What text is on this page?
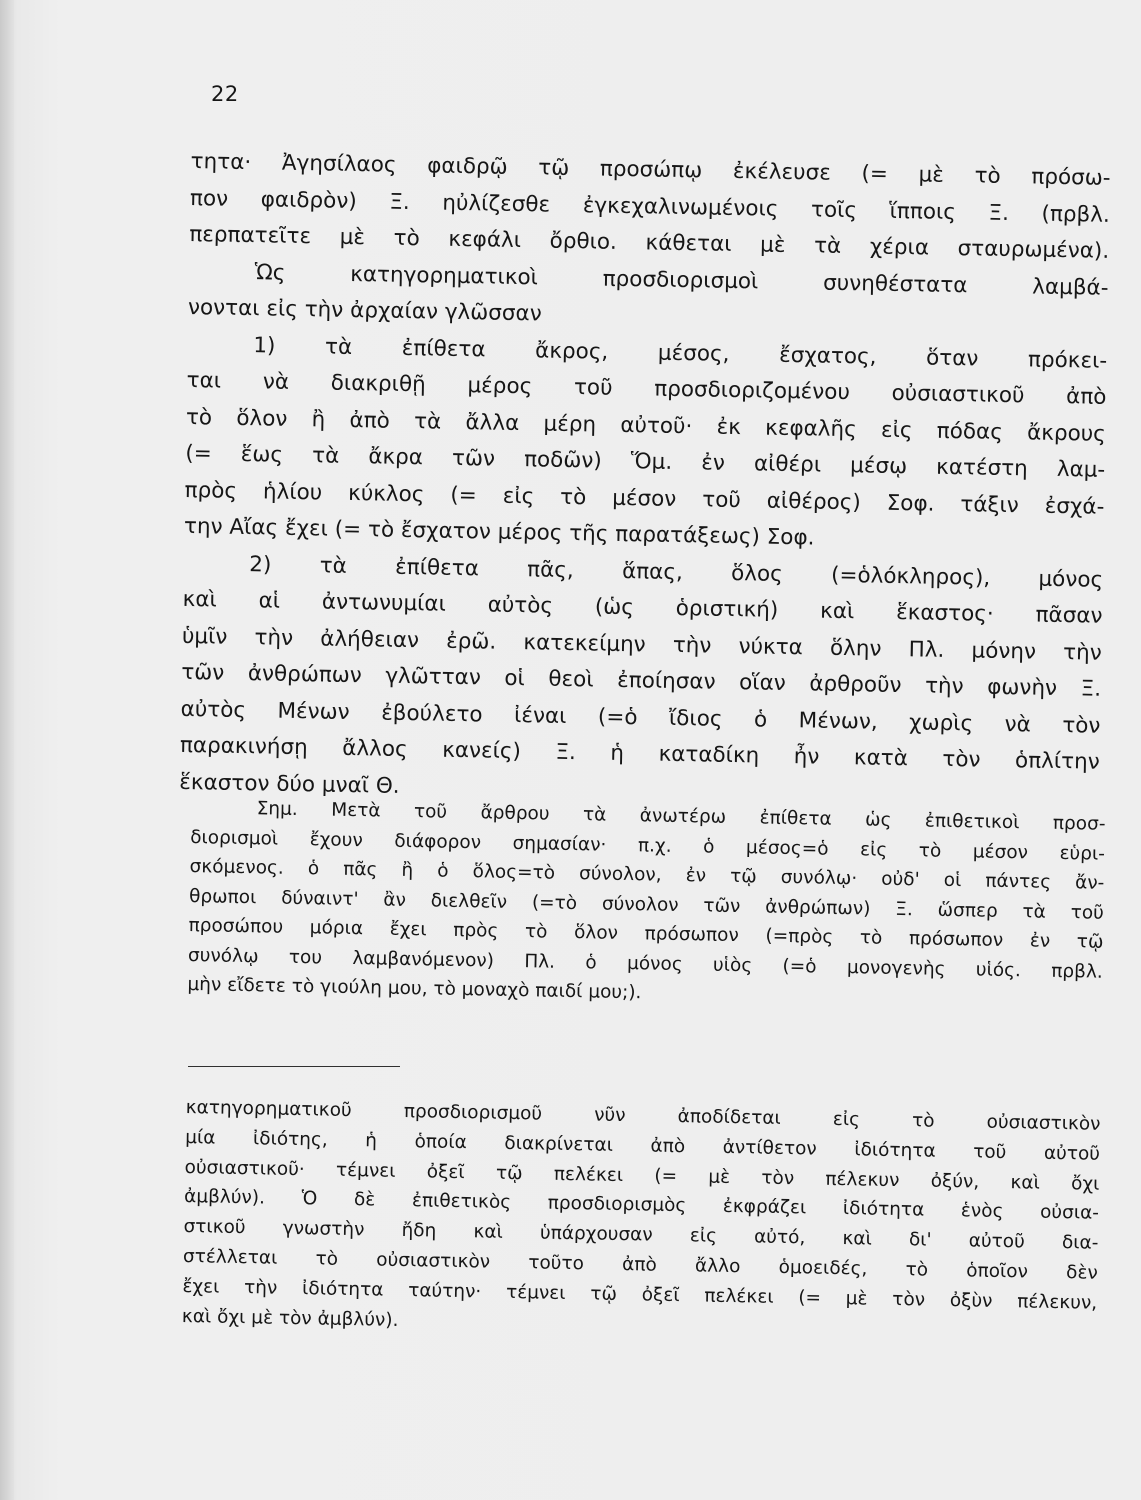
22
τητα· Ἀγησίλαος φαιδρῷ τῷ προσώπῳ ἐκέλευσε (= μὲ τὸ πρόσω-
πον φαιδρὸν) Ξ. ηὐλίζεσθε ἐγκεχαλινωμένοις τοῖς ἵπποις Ξ. (πρβλ.
περπατεῖτε μὲ τὸ κεφάλι ὄρθιο. κάθεται μὲ τὰ χέρια σταυρωμένα).
Ὡς	κατηγορηματικοὶ	προσδιορισμοὶ	συνηθέστατα	λαμβά-
νονται εἰς τὴν ἀρχαίαν γλῶσσαν
1) τὰ ἐπίθετα ἄκρος, μέσος, ἔσχατος, ὅταν πρόκει-
ται νὰ διακριθῇ μέρος τοῦ προσδιοριζομένου οὐσιαστικοῦ ἀπὸ
τὸ ὅλον ἢ ἀπὸ τὰ ἄλλα μέρη αὐτοῦ· ἐκ κεφαλῆς εἰς πόδας ἄκρους
(= ἕως τὰ ἄκρα τῶν ποδῶν) Ὅμ. ἐν αἰθέρι μέσῳ κατέστη λαμ-
πρὸς ἡλίου κύκλος (= εἰς τὸ μέσον τοῦ αἰθέρος) Σοφ. τάξιν ἐσχά-
την Αἴας ἔχει (= τὸ ἔσχατον μέρος τῆς παρατάξεως) Σοφ.
2) τὰ ἐπίθετα πᾶς, ἅπας, ὅλος (=ὁλόκληρος), μόνος
καὶ αἱ ἀντωνυμίαι αὐτὸς (ὡς ὁριστική) καὶ ἕκαστος· πᾶσαν
ὑμῖν τὴν ἀλήθειαν ἐρῶ. κατεκείμην τὴν νύκτα ὅλην Πλ. μόνην τὴν
τῶν ἀνθρώπων γλῶτταν οἱ θεοὶ ἐποίησαν οἵαν ἀρθροῦν τὴν φωνὴν Ξ.
αὐτὸς Μένων ἐβούλετο ἰέναι (=ὁ ἴδιος ὁ Μένων, χωρὶς νὰ τὸν
παρακινήσῃ ἄλλος κανείς) Ξ. ἡ καταδίκη ἦν κατὰ τὸν ὁπλίτην
ἕκαστον δύο μναῖ Θ.
Σημ. Μετὰ τοῦ ἄρθρου τὰ ἀνωτέρω ἐπίθετα ὡς ἐπιθετικοὶ προσ-
διορισμοὶ ἔχουν διάφορον σημασίαν· π.χ. ὁ μέσος=ὁ εἰς τὸ μέσον εὑρι-
σκόμενος. ὁ πᾶς ἢ ὁ ὅλος=τὸ σύνολον, ἐν τῷ συνόλῳ· οὐδ' οἱ πάντες ἄν-
θρωποι δύναιντ' ἂν διελθεῖν (=τὸ σύνολον τῶν ἀνθρώπων) Ξ. ὥσπερ τὰ τοῦ
προσώπου μόρια ἔχει πρὸς τὸ ὅλον πρόσωπον (=πρὸς τὸ πρόσωπον ἐν τῷ
συνόλῳ του λαμβανόμενον) Πλ. ὁ μόνος υἱὸς (=ὁ μονογενὴς υἱός. πρβλ.
μὴν εἴδετε τὸ γιούλη μου, τὸ μοναχὸ παιδί μου;).
κατηγορηματικοῦ	προσδιορισμοῦ	νῦν	ἀποδίδεται	εἰς	τὸ	οὐσιαστικὸν
μία ἰδιότης, ἡ ὁποία διακρίνεται ἀπὸ ἀντίθετον ἰδιότητα τοῦ αὐτοῦ
οὐσιαστικοῦ· τέμνει ὀξεῖ τῷ πελέκει (= μὲ τὸν πέλεκυν ὀξύν, καὶ ὄχι
ἀμβλύν). Ὁ δὲ ἐπιθετικὸς προσδιορισμὸς ἐκφράζει ἰδιότητα ἑνὸς οὐσια-
στικοῦ γνωστὴν ἤδη καὶ ὑπάρχουσαν εἰς αὐτό, καὶ δι' αὐτοῦ δια-
στέλλεται τὸ οὐσιαστικὸν τοῦτο ἀπὸ ἄλλο ὁμοειδές, τὸ ὁποῖον δὲν
ἔχει τὴν ἰδιότητα ταύτην· τέμνει τῷ ὀξεῖ πελέκει (= μὲ τὸν ὀξὺν πέλεκυν,
καὶ ὄχι μὲ τὸν ἀμβλύν).
